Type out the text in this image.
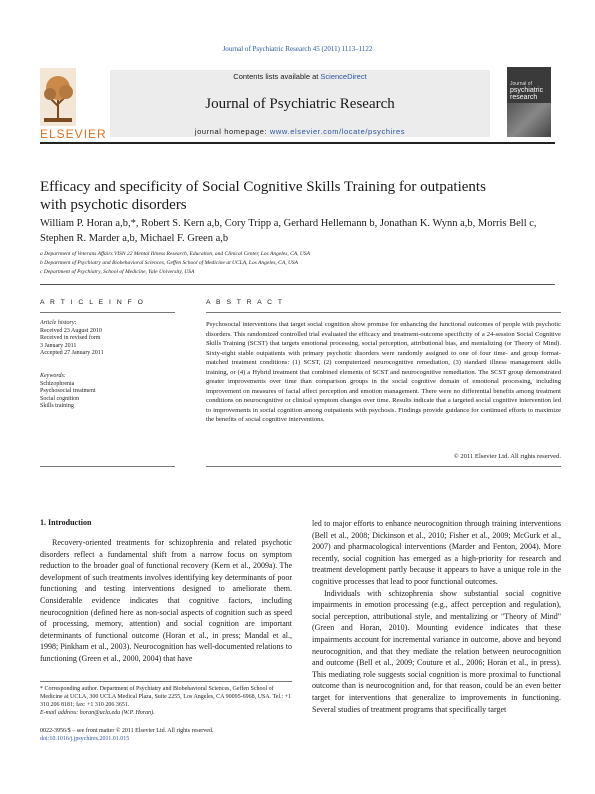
Journal of Psychiatric Research 45 (2011) 1113–1122
ELSEVIER
Contents lists available at ScienceDirect
Journal of Psychiatric Research
journal homepage: www.elsevier.com/locate/psychires
Journal of
psychiatric research
Efficacy and specificity of Social Cognitive Skills Training for outpatients with psychotic disorders
William P. Horan a,b,*, Robert S. Kern a,b, Cory Tripp a, Gerhard Hellemann b, Jonathan K. Wynn a,b, Morris Bell c, Stephen R. Marder a,b, Michael F. Green a,b
a Department of Veterans Affairs VISN 22 Mental Illness Research, Education, and Clinical Center, Los Angeles, CA, USA
b Department of Psychiatry and Biobehavioral Sciences, Geffen School of Medicine at UCLA, Los Angeles, CA, USA
c Department of Psychiatry, School of Medicine, Yale University, USA
A R T I C L E I N F O	A B S T R A C T
Article history:
Received 23 August 2010
Received in revised form
3 January 2011
Accepted 27 January 2011
Keywords:
Schizophrenia
Psychosocial treatment
Social cognition
Skills training
Psychosocial interventions that target social cognition show promise for enhancing the functional outcomes of people with psychotic disorders. This randomized controlled trial evaluated the efficacy and treatment-outcome specificity of a 24-session Social Cognitive Skills Training (SCST) that targets emotional processing, social perception, attributional bias, and mentalizing (or Theory of Mind). Sixty-eight stable outpatients with primary psychotic disorders were randomly assigned to one of four time- and group format-matched treatment conditions: (1) SCST, (2) computerized neurocognitive remediation, (3) standard illness management skills training, or (4) a Hybrid treatment that combined elements of SCST and neurocognitive remediation. The SCST group demonstrated greater improvements over time than comparison groups in the social cognitive domain of emotional processing, including improvement on measures of facial affect perception and emotion management. There were no differential benefits among treatment conditions on neurocognitive or clinical symptom changes over time. Results indicate that a targeted social cognitive intervention led to improvements in social cognition among outpatients with psychosis. Findings provide guidance for continued efforts to maximize the benefits of social cognitive interventions.
© 2011 Elsevier Ltd. All rights reserved.
1. Introduction

Recovery-oriented treatments for schizophrenia and related psychotic disorders reflect a fundamental shift from a narrow focus on symptom reduction to the broader goal of functional recovery (Kern et al., 2009a). The development of such treatments involves identifying key determinants of poor functioning and testing interventions designed to ameliorate them. Considerable evidence indicates that cognitive factors, including neurocognition (defined here as non-social aspects of cognition such as speed of processing, memory, attention) and social cognition are important determinants of functional outcome (Horan et al., in press; Mandal et al., 1998; Pinkham et al., 2003). Neurocognition has well-documented relations to functioning (Green et al., 2000, 2004) that have

led to major efforts to enhance neurocognition through training interventions (Bell et al., 2008; Dickinson et al., 2010; Fisher et al., 2009; McGurk et al., 2007) and pharmacological interventions (Marder and Fenton, 2004). More recently, social cognition has emerged as a high-priority for research and treatment development partly because it appears to have a unique role in the cognitive processes that lead to poor functional outcomes.

Individuals with schizophrenia show substantial social cognitive impairments in emotion processing (e.g., affect perception and regulation), social perception, attributional style, and mentalizing or "Theory of Mind" (Green and Horan, 2010). Mounting evidence indicates that these impairments account for incremental variance in outcome, above and beyond neurocognition, and that they mediate the relation between neurocognition and outcome (Bell et al., 2009; Couture et al., 2006; Horan et al., in press). This mediating role suggests social cognition is more proximal to functional outcome than is neurocognition and, for that reason, could be an even better target for interventions that generalize to improvements in functioning. Several studies of treatment programs that specifically target

* Corresponding author. Department of Psychiatry and Biobehavioral Sciences, Geffen School of Medicine at UCLA, 300 UCLA Medical Plaza, Suite 2255, Los Angeles, CA 90095-6968, USA. Tel.: +1 310 206 8181; fax: +1 310 206 3651.
E-mail address: horan@ucla.edu (W.P. Horan).
0022-3956/$ – see front matter © 2011 Elsevier Ltd. All rights reserved.
doi:10.1016/j.jpsychires.2011.01.015
